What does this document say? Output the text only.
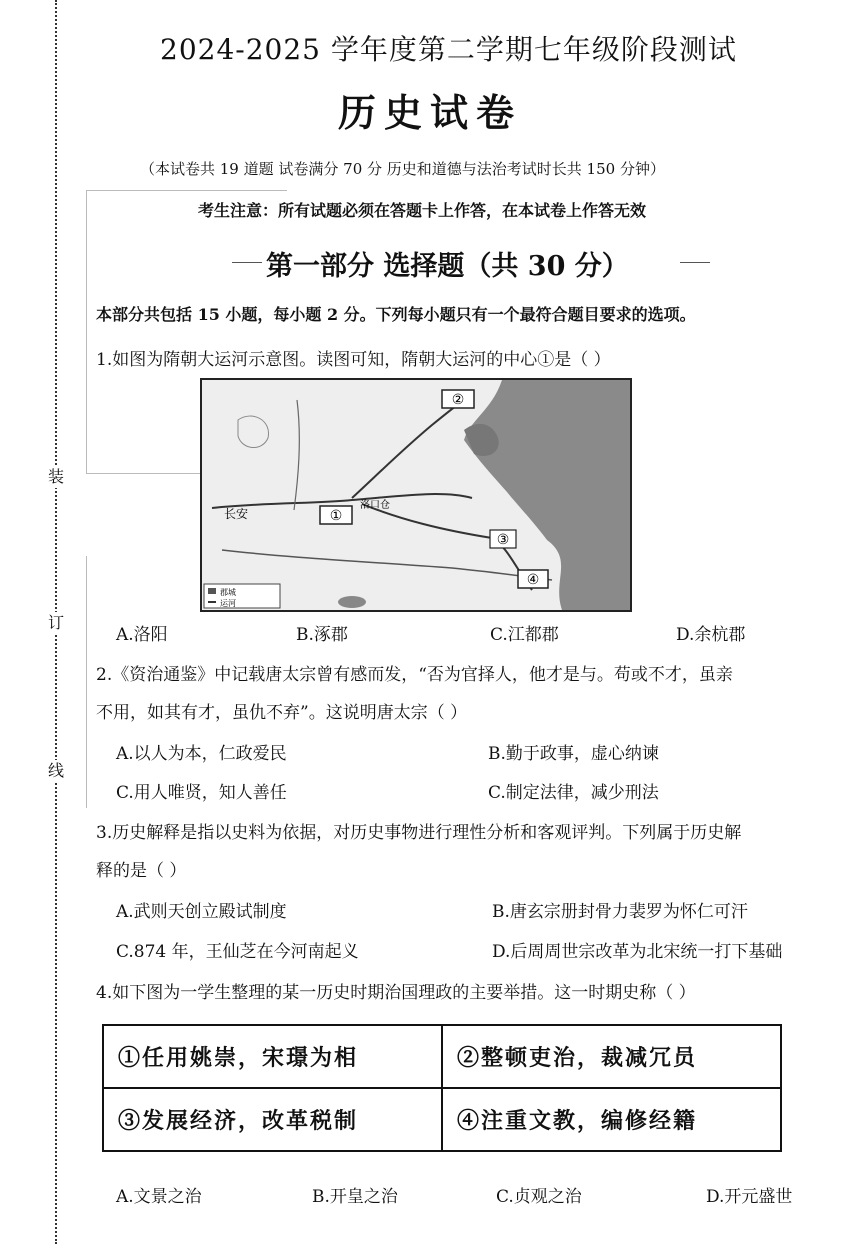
装
订
线
2024-2025 学年度第二学期七年级阶段测试
历史试卷
（本试卷共 19 道题 试卷满分 70 分 历史和道德与法治考试时长共 150 分钟）
考生注意：所有试题必须在答题卡上作答，在本试卷上作答无效
第一部分 选择题（共 30 分）
本部分共包括 15 小题，每小题 2 分。下列每小题只有一个最符合题目要求的选项。
1.如图为隋朝大运河示意图。读图可知，隋朝大运河的中心①是（ ）
②
①
③
④
长安
洛口仓
郡城
运河
A.洛阳	B.涿郡	C.江都郡	D.余杭郡
2.《资治通鉴》中记载唐太宗曾有感而发，“否为官择人，他才是与。苟或不才，虽亲
不用，如其有才，虽仇不弃”。这说明唐太宗（ ）
A.以人为本，仁政爱民	B.勤于政事，虚心纳谏
C.用人唯贤，知人善任	C.制定法律，减少刑法
3.历史解释是指以史料为依据，对历史事物进行理性分析和客观评判。下列属于历史解
释的是（ ）
A.武则天创立殿试制度	B.唐玄宗册封骨力裴罗为怀仁可汗
C.874 年，王仙芝在今河南起义	D.后周周世宗改革为北宋统一打下基础
4.如下图为一学生整理的某一历史时期治国理政的主要举措。这一时期史称（ ）
①任用姚崇，宋璟为相	②整顿吏治，裁减冗员
③发展经济，改革税制	④注重文教，编修经籍
A.文景之治	B.开皇之治	C.贞观之治	D.开元盛世
